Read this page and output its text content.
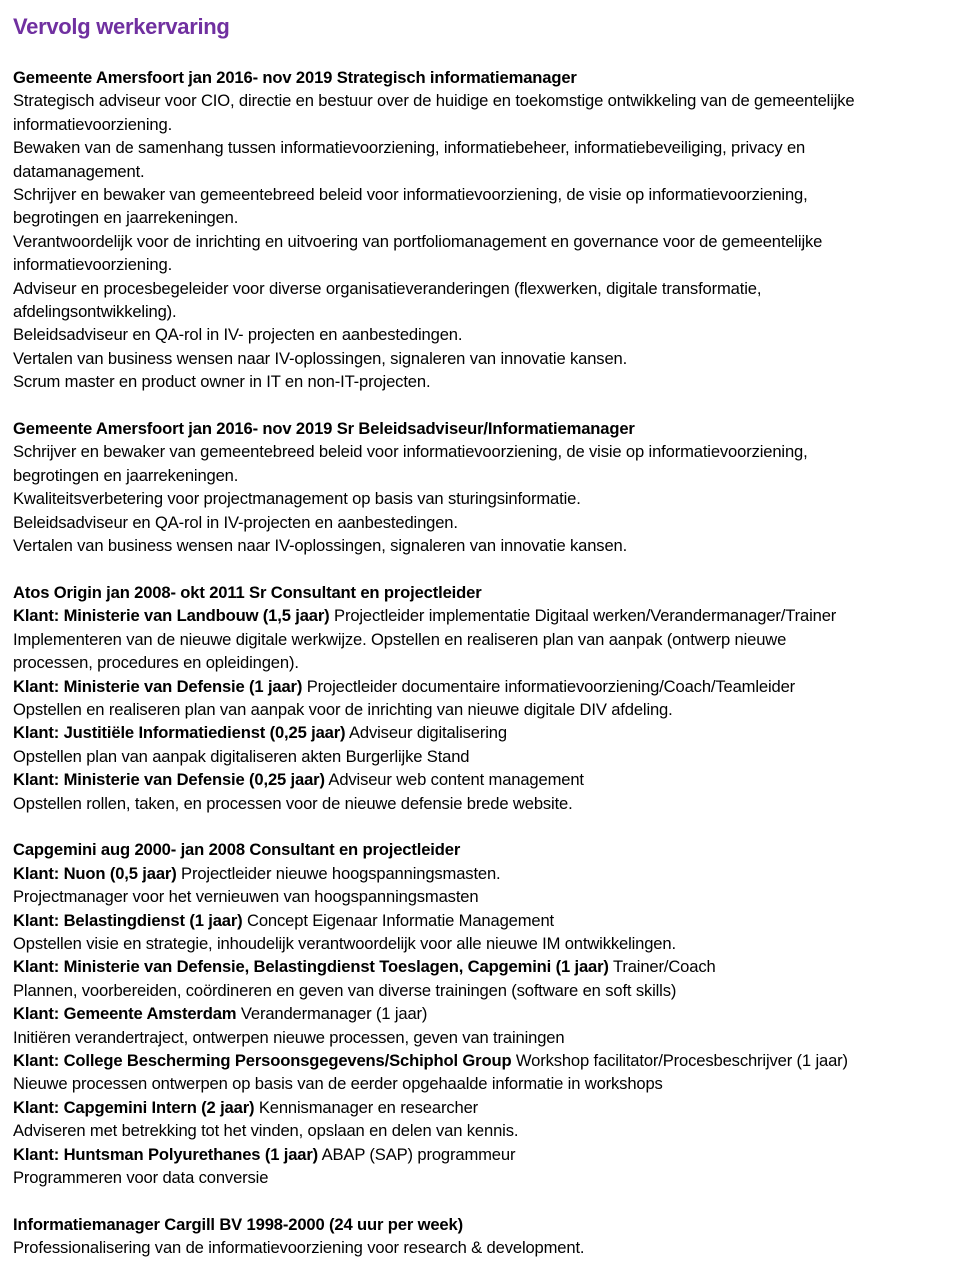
Vervolg werkervaring
Gemeente Amersfoort jan 2016- nov 2019 Strategisch informatiemanager
Strategisch adviseur voor CIO, directie en bestuur over de huidige en toekomstige ontwikkeling van de gemeentelijke
informatievoorziening.
Bewaken van de samenhang tussen informatievoorziening, informatiebeheer, informatiebeveiliging, privacy en
datamanagement.
Schrijver en bewaker van gemeentebreed beleid voor informatievoorziening, de visie op informatievoorziening,
begrotingen en jaarrekeningen.
Verantwoordelijk voor de inrichting en uitvoering van portfoliomanagement en governance voor de gemeentelijke
informatievoorziening.
Adviseur en procesbegeleider voor diverse organisatieveranderingen (flexwerken, digitale transformatie,
afdelingsontwikkeling).
Beleidsadviseur en QA-rol in IV- projecten en aanbestedingen.
Vertalen van business wensen naar IV-oplossingen, signaleren van innovatie kansen.
Scrum master en product owner in IT en non-IT-projecten.
Gemeente Amersfoort jan 2016- nov 2019 Sr Beleidsadviseur/Informatiemanager
Schrijver en bewaker van gemeentebreed beleid voor informatievoorziening, de visie op informatievoorziening,
begrotingen en jaarrekeningen.
Kwaliteitsverbetering voor projectmanagement op basis van sturingsinformatie.
Beleidsadviseur en QA-rol in IV-projecten en aanbestedingen.
Vertalen van business wensen naar IV-oplossingen, signaleren van innovatie kansen.
Atos Origin jan 2008- okt 2011 Sr Consultant en projectleider
Klant: Ministerie van Landbouw (1,5 jaar) Projectleider implementatie Digitaal werken/Verandermanager/Trainer
Implementeren van de nieuwe digitale werkwijze. Opstellen en realiseren plan van aanpak (ontwerp nieuwe
processen, procedures en opleidingen).
Klant: Ministerie van Defensie (1 jaar) Projectleider documentaire informatievoorziening/Coach/Teamleider
Opstellen en realiseren plan van aanpak voor de inrichting van nieuwe digitale DIV afdeling.
Klant: Justitiële Informatiedienst (0,25 jaar) Adviseur digitalisering
Opstellen plan van aanpak digitaliseren akten Burgerlijke Stand
Klant: Ministerie van Defensie (0,25 jaar) Adviseur web content management
Opstellen rollen, taken, en processen voor de nieuwe defensie brede website.
Capgemini aug 2000- jan 2008 Consultant en projectleider
Klant: Nuon (0,5 jaar) Projectleider nieuwe hoogspanningsmasten.
Projectmanager voor het vernieuwen van hoogspanningsmasten
Klant: Belastingdienst (1 jaar) Concept Eigenaar Informatie Management
Opstellen visie en strategie, inhoudelijk verantwoordelijk voor alle nieuwe IM ontwikkelingen.
Klant: Ministerie van Defensie, Belastingdienst Toeslagen, Capgemini (1 jaar) Trainer/Coach
Plannen, voorbereiden, coördineren en geven van diverse trainingen (software en soft skills)
Klant: Gemeente Amsterdam Verandermanager (1 jaar)
Initiëren verandertraject, ontwerpen nieuwe processen, geven van trainingen
Klant: College Bescherming Persoonsgegevens/Schiphol Group Workshop facilitator/Procesbeschrijver (1 jaar)
Nieuwe processen ontwerpen op basis van de eerder opgehaalde informatie in workshops
Klant: Capgemini Intern (2 jaar) Kennismanager en researcher
Adviseren met betrekking tot het vinden, opslaan en delen van kennis.
Klant: Huntsman Polyurethanes (1 jaar) ABAP (SAP) programmeur
Programmeren voor data conversie
Informatiemanager Cargill BV 1998-2000 (24 uur per week)
Professionalisering van de informatievoorziening voor research & development.
